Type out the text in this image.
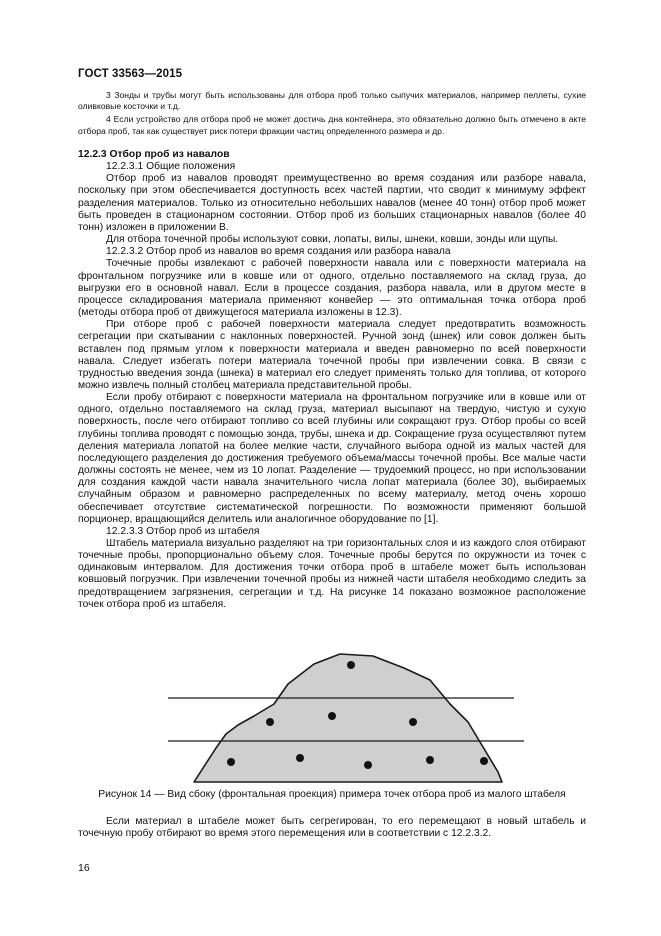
ГОСТ 33563—2015

3 Зонды и трубы могут быть использованы для отбора проб только сыпучих материалов, например пеллеты, сухие оливковые косточки и т.д.

4 Если устройство для отбора проб не может достичь дна контейнера, это обязательно должно быть отмечено в акте отбора проб, так как существует риск потери фракции частиц определенного размера и др.

12.2.3 Отбор проб из навалов

12.2.3.1 Общие положения

Отбор проб из навалов проводят преимущественно во время создания или разборе навала, поскольку при этом обеспечивается доступность всех частей партии, что сводит к минимуму эффект разделения материалов. Только из относительно небольших навалов (менее 40 тонн) отбор проб может быть проведен в стационарном состоянии. Отбор проб из больших стационарных навалов (более 40 тонн) изложен в приложении В.

Для отбора точечной пробы используют совки, лопаты, вилы, шнеки, ковши, зонды или щупы.

12.2.3.2 Отбор проб из навалов во время создания или разбора навала

Точечные пробы извлекают с рабочей поверхности навала или с поверхности материала на фронтальном погрузчике или в ковше или от одного, отдельно поставляемого на склад груза, до выгрузки его в основной навал. Если в процессе создания, разбора навала, или в другом месте в процессе складирования материала применяют конвейер — это оптимальная точка отбора проб (методы отбора проб от движущегося материала изложены в 12.3).

При отборе проб с рабочей поверхности материала следует предотвратить возможность сегрегации при скатывании с наклонных поверхностей. Ручной зонд (шнек) или совок должен быть вставлен под прямым углом к поверхности материала и введен равномерно по всей поверхности навала. Следует избегать потери материала точечной пробы при извлечении совка. В связи с трудностью введения зонда (шнека) в материал его следует применять только для топлива, от которого можно извлечь полный столбец материала представительной пробы.

Если пробу отбирают с поверхности материала на фронтальном погрузчике или в ковше или от одного, отдельно поставляемого на склад груза, материал высыпают на твердую, чистую и сухую поверхность, после чего отбирают топливо со всей глубины или сокращают груз. Отбор пробы со всей глубины топлива проводят с помощью зонда, трубы, шнека и др. Сокращение груза осуществляют путем деления материала лопатой на более мелкие части, случайного выбора одной из малых частей для последующего разделения до достижения требуемого объема/массы точечной пробы. Все малые части должны состоять не менее, чем из 10 лопат. Разделение — трудоемкий процесс, но при использовании для создания каждой части навала значительного числа лопат материала (более 30), выбираемых случайным образом и равномерно распределенных по всему материалу, метод очень хорошо обеспечивает отсутствие систематической погрешности. По возможности применяют большой порционер, вращающийся делитель или аналогичное оборудование по [1].

12.2.3.3 Отбор проб из штабеля

Штабель материала визуально разделяют на три горизонтальных слоя и из каждого слоя отбирают точечные пробы, пропорционально объему слоя. Точечные пробы берутся по окружности из точек с одинаковым интервалом. Для достижения точки отбора проб в штабеле может быть использован ковшовый погрузчик. При извлечении точечной пробы из нижней части штабеля необходимо следить за предотвращением загрязнения, сегрегации и т.д. На рисунке 14 показано возможное расположение точек отбора проб из штабеля.

Рисунок 14 — Вид сбоку (фронтальная проекция) примера точек отбора проб из малого штабеля

Если материал в штабеле может быть сегрегирован, то его перемещают в новый штабель и точечную пробу отбирают во время этого перемещения или в соответствии с 12.2.3.2.

16
